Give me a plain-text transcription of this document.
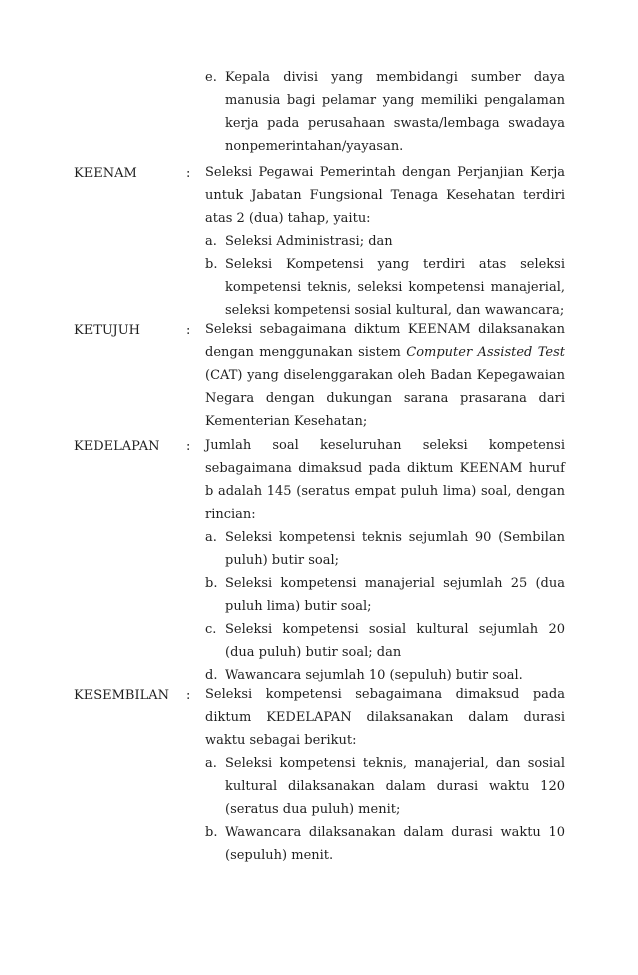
e. Kepala divisi yang membidangi sumber daya manusia bagi pelamar yang memiliki pengalaman kerja pada perusahaan swasta/lembaga swadaya nonpemerintahan/yayasan.
KEENAM	:	Seleksi Pegawai Pemerintah dengan Perjanjian Kerja untuk Jabatan Fungsional Tenaga Kesehatan terdiri atas 2 (dua) tahap, yaitu:
a. Seleksi Administrasi; dan
b. Seleksi Kompetensi yang terdiri atas seleksi kompetensi teknis, seleksi kompetensi manajerial, seleksi kompetensi sosial kultural, dan wawancara;
KETUJUH	:	Seleksi sebagaimana diktum KEENAM dilaksanakan dengan menggunakan sistem Computer Assisted Test (CAT) yang diselenggarakan oleh Badan Kepegawaian Negara dengan dukungan sarana prasarana dari Kementerian Kesehatan;
KEDELAPAN	:	Jumlah soal keseluruhan seleksi kompetensi sebagaimana dimaksud pada diktum KEENAM huruf b adalah 145 (seratus empat puluh lima) soal, dengan rincian:
a. Seleksi kompetensi teknis sejumlah 90 (Sembilan puluh) butir soal;
b. Seleksi kompetensi manajerial sejumlah 25 (dua puluh lima) butir soal;
c. Seleksi kompetensi sosial kultural sejumlah 20 (dua puluh) butir soal; dan
d. Wawancara sejumlah 10 (sepuluh) butir soal.
KESEMBILAN	:	Seleksi kompetensi sebagaimana dimaksud pada diktum KEDELAPAN dilaksanakan dalam durasi waktu sebagai berikut:
a. Seleksi kompetensi teknis, manajerial, dan sosial kultural dilaksanakan dalam durasi waktu 120 (seratus dua puluh) menit;
b. Wawancara dilaksanakan dalam durasi waktu 10 (sepuluh) menit.
